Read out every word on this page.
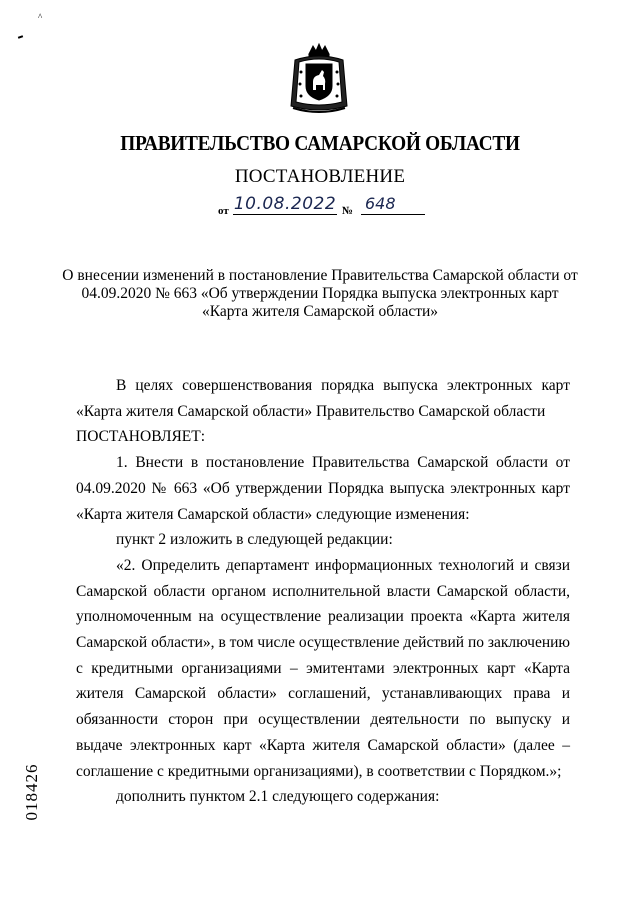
^
ПРАВИТЕЛЬСТВО САМАРСКОЙ ОБЛАСТИ
ПОСТАНОВЛЕНИЕ
от 10.08.2022 № 648
О внесении изменений в постановление Правительства Самарской области от 04.09.2020 № 663 «Об утверждении Порядка выпуска электронных карт «Карта жителя Самарской области»

В целях совершенствования порядка выпуска электронных карт «Карта жителя Самарской области» Правительство Самарской области

ПОСТАНОВЛЯЕТ:

1. Внести в постановление Правительства Самарской области от 04.09.2020 № 663 «Об утверждении Порядка выпуска электронных карт «Карта жителя Самарской области» следующие изменения:

пункт 2 изложить в следующей редакции:

«2. Определить департамент информационных технологий и связи Самарской области органом исполнительной власти Самарской области, уполномоченным на осуществление реализации проекта «Карта жителя Самарской области», в том числе осуществление действий по заключению с кредитными организациями – эмитентами электронных карт «Карта жителя Самарской области» соглашений, устанавливающих права и обязанности сторон при осуществлении деятельности по выпуску и выдаче электронных карт «Карта жителя Самарской области» (далее – соглашение с кредитными организациями), в соответствии с Порядком.»;

дополнить пунктом 2.1 следующего содержания:

018426
